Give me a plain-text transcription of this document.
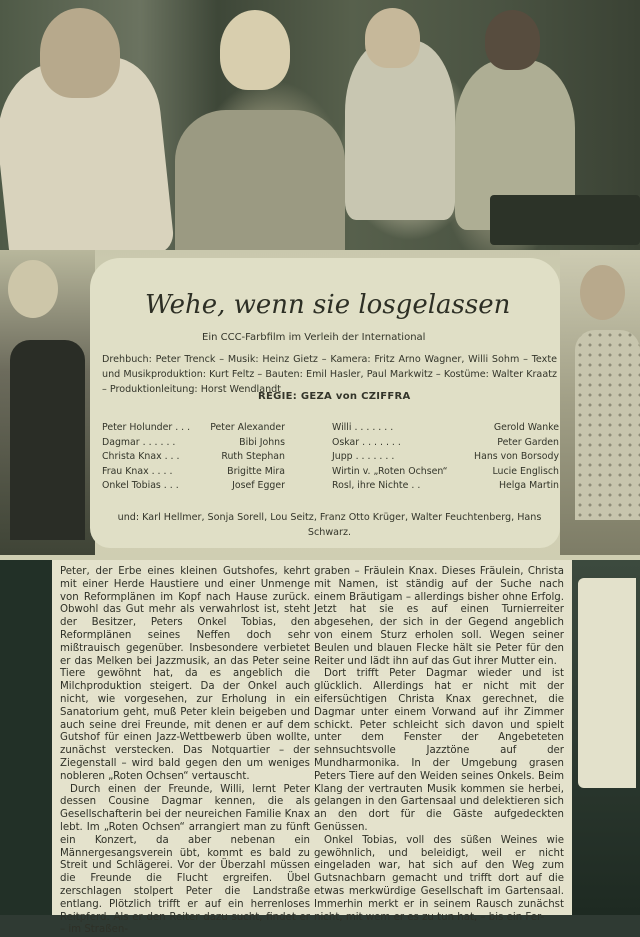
Wehe, wenn sie losgelassen
Ein CCC-Farbfilm im Verleih der International

Drehbuch: Peter Trenck – Musik: Heinz Gietz – Kamera: Fritz Arno Wagner, Willi Sohm – Texte und Musikproduktion: Kurt Feltz – Bauten: Emil Hasler, Paul Markwitz – Kostüme: Walter Kraatz – Produktionleitung: Horst Wendlandt

REGIE: GEZA von CZIFFRA
Peter Holunder . . .	Peter Alexander	Willi . . . . . . .	Gerold Wanke
Dagmar . . . . . .	Bibi Johns	Oskar . . . . . . .	Peter Garden
Christa Knax . . .	Ruth Stephan	Jupp . . . . . . .	Hans von Borsody
Frau Knax . . . .	Brigitte Mira	Wirtin v. „Roten Ochsen“	Lucie Englisch
Onkel Tobias . . .	Josef Egger	Rosl, ihre Nichte . .	Helga Martin

und: Karl Hellmer, Sonja Sorell, Lou Seitz, Franz Otto Krüger, Walter Feuchtenberg, Hans Schwarz.

Peter, der Erbe eines kleinen Gutshofes, kehrt mit einer Herde Haustiere und einer Unmenge von Reformplänen im Kopf nach Hause zurück. Obwohl das Gut mehr als verwahrlost ist, steht der Besitzer, Peters Onkel Tobias, den Reformplänen seines Neffen doch sehr mißtrauisch gegenüber. Insbesondere verbietet er das Melken bei Jazzmusik, an das Peter seine Tiere gewöhnt hat, da es angeblich die Milchproduktion steigert. Da der Onkel auch nicht, wie vorgesehen, zur Erholung in ein Sanatorium geht, muß Peter klein beigeben und auch seine drei Freunde, mit denen er auf dem Gutshof für einen Jazz-Wettbewerb üben wollte, zunächst verstecken. Das Notquartier – der Ziegenstall – wird bald gegen den um weniges nobleren „Roten Ochsen“ vertauscht.

Durch einen der Freunde, Willi, lernt Peter dessen Cousine Dagmar kennen, die als Gesellschafterin bei der neureichen Familie Knax lebt. Im „Roten Ochsen“ arrangiert man zu fünft ein Konzert, da aber nebenan ein Männergesangsverein übt, kommt es bald zu Streit und Schlägerei. Vor der Überzahl müssen die Freunde die Flucht ergreifen. Übel zerschlagen stolpert Peter die Landstraße entlang. Plötzlich trifft er auf ein herrenloses Reitpferd. Als er den Reiter dazu sucht, findet er – im Straßen-

graben – Fräulein Knax. Dieses Fräulein, Christa mit Namen, ist ständig auf der Suche nach einem Bräutigam – allerdings bisher ohne Erfolg. Jetzt hat sie es auf einen Turnierreiter abgesehen, der sich in der Gegend angeblich von einem Sturz erholen soll. Wegen seiner Beulen und blauen Flecke hält sie Peter für den Reiter und lädt ihn auf das Gut ihrer Mutter ein.

Dort trifft Peter Dagmar wieder und ist glücklich. Allerdings hat er nicht mit der eifersüchtigen Christa Knax gerechnet, die Dagmar unter einem Vorwand auf ihr Zimmer schickt. Peter schleicht sich davon und spielt unter dem Fenster der Angebeteten sehnsuchtsvolle Jazztöne auf der Mundharmonika. In der Umgebung grasen Peters Tiere auf den Weiden seines Onkels. Beim Klang der vertrauten Musik kommen sie herbei, gelangen in den Gartensaal und delektieren sich an den dort für die Gäste aufgedeckten Genüssen.

Onkel Tobias, voll des süßen Weines wie gewöhnlich, und beleidigt, weil er nicht eingeladen war, hat sich auf den Weg zum Gutsnachbarn gemacht und trifft dort auf die etwas merkwürdige Gesellschaft im Gartensaal. Immerhin merkt er in seinem Rausch zunächst nicht, mit wem er es zu tun hat, – bis ein Fer-
